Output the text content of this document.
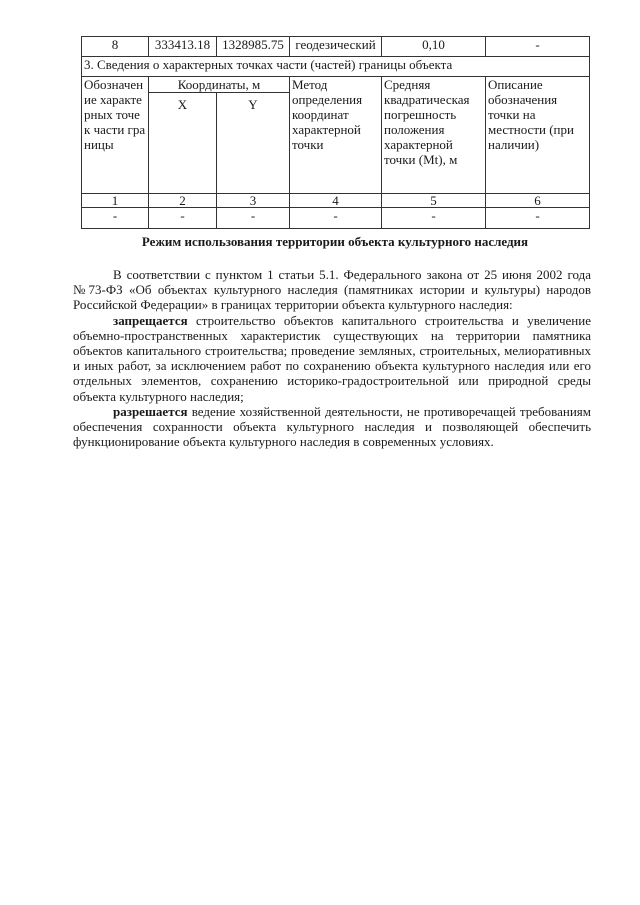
8	333413.18	1328985.75	геодезический	0,10	-
3. Сведения о характерных точках части (частей) границы объекта					
Обозначение характерных точек части границы	Координаты, м		Метод определения координат характерной точки	Средняя квадратическая погрешность положения характерной точки (Mt), м	Описание обозначения точки на местности (при наличии)
	X	Y			
1	2	3	4	5	6
-	-	-	-	-	-
Режим использования территории объекта культурного наследия

В соответствии с пунктом 1 статьи 5.1. Федерального закона от 25 июня 2002 года №73-ФЗ «Об объектах культурного наследия (памятниках истории и культуры) народов Российской Федерации» в границах территории объекта культурного наследия:

запрещается строительство объектов капитального строительства и увеличение объемно-пространственных характеристик существующих на территории памятника объектов капитального строительства; проведение земляных, строительных, мелиоративных и иных работ, за исключением работ по сохранению объекта культурного наследия или его отдельных элементов, сохранению историко-градостроительной или природной среды объекта культурного наследия;

разрешается ведение хозяйственной деятельности, не противоречащей требованиям обеспечения сохранности объекта культурного наследия и позволяющей обеспечить функционирование объекта культурного наследия в современных условиях.
